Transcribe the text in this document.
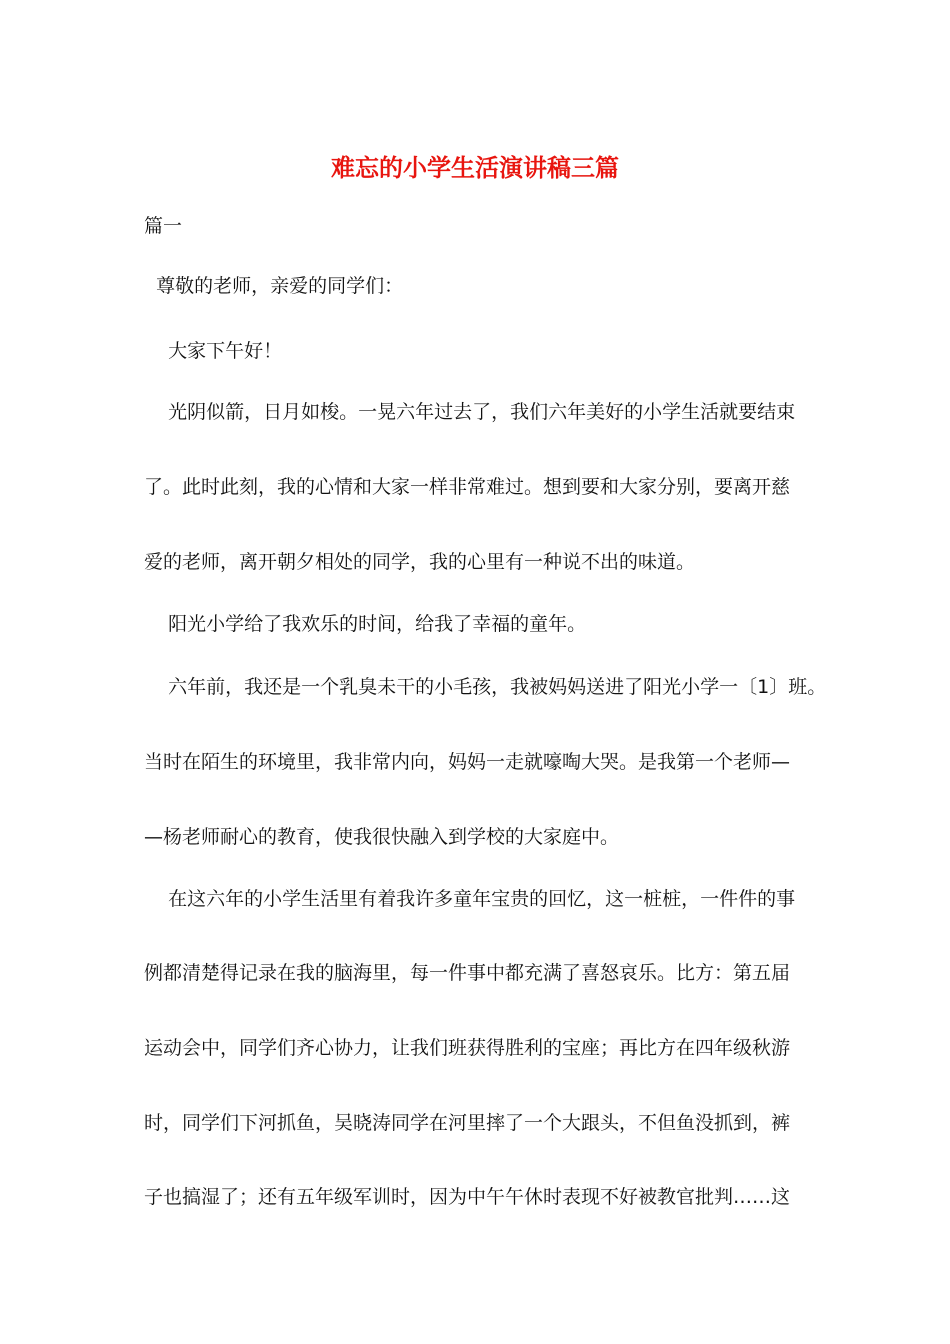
难忘的小学生活演讲稿三篇
篇一
尊敬的老师，亲爱的同学们：
大家下午好！
光阴似箭，日月如梭。一晃六年过去了，我们六年美好的小学生活就要结束
了。此时此刻，我的心情和大家一样非常难过。想到要和大家分别，要离开慈
爱的老师，离开朝夕相处的同学，我的心里有一种说不出的味道。
阳光小学给了我欢乐的时间，给我了幸福的童年。
六年前，我还是一个乳臭未干的小毛孩，我被妈妈送进了阳光小学一〔1〕班。
当时在陌生的环境里，我非常内向，妈妈一走就嚎啕大哭。是我第一个老师—
—杨老师耐心的教育，使我很快融入到学校的大家庭中。
在这六年的小学生活里有着我许多童年宝贵的回忆，这一桩桩，一件件的事
例都清楚得记录在我的脑海里，每一件事中都充满了喜怒哀乐。比方：第五届
运动会中，同学们齐心协力，让我们班获得胜利的宝座；再比方在四年级秋游
时，同学们下河抓鱼，吴晓涛同学在河里摔了一个大跟头，不但鱼没抓到，裤
子也搞湿了；还有五年级军训时，因为中午午休时表现不好被教官批判……这
